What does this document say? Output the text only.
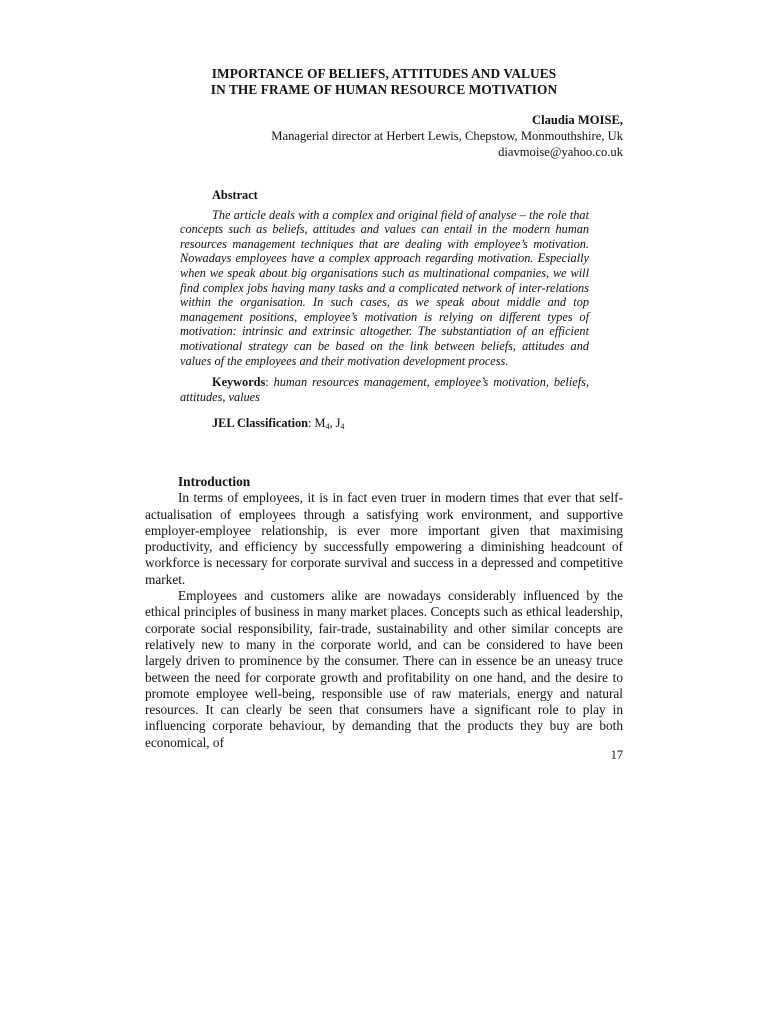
IMPORTANCE OF BELIEFS, ATTITUDES AND VALUES
IN THE FRAME OF HUMAN RESOURCE MOTIVATION
Claudia MOISE,
Managerial director at Herbert Lewis, Chepstow, Monmouthshire, Uk
diavmoise@yahoo.co.uk
Abstract

The article deals with a complex and original field of analyse – the role that concepts such as beliefs, attitudes and values can entail in the modern human resources management techniques that are dealing with employee’s motivation. Nowadays employees have a complex approach regarding motivation. Especially when we speak about big organisations such as multinational companies, we will find complex jobs having many tasks and a complicated network of inter-relations within the organisation. In such cases, as we speak about middle and top management positions, employee’s motivation is relying on different types of motivation: intrinsic and extrinsic altogether. The substantiation of an efficient motivational strategy can be based on the link between beliefs, attitudes and values of the employees and their motivation development process.

Keywords: human resources management, employee’s motivation, beliefs, attitudes, values

JEL Classification: $M_4$, $J_4$
Introduction

In terms of employees, it is in fact even truer in modern times that ever that self-actualisation of employees through a satisfying work environment, and supportive employer-employee relationship, is ever more important given that maximising productivity, and efficiency by successfully empowering a diminishing headcount of workforce is necessary for corporate survival and success in a depressed and competitive market.

Employees and customers alike are nowadays considerably influenced by the ethical principles of business in many market places. Concepts such as ethical leadership, corporate social responsibility, fair-trade, sustainability and other similar concepts are relatively new to many in the corporate world, and can be considered to have been largely driven to prominence by the consumer. There can in essence be an uneasy truce between the need for corporate growth and profitability on one hand, and the desire to promote employee well-being, responsible use of raw materials, energy and natural resources. It can clearly be seen that consumers have a significant role to play in influencing corporate behaviour, by demanding that the products they buy are both economical, of

17
